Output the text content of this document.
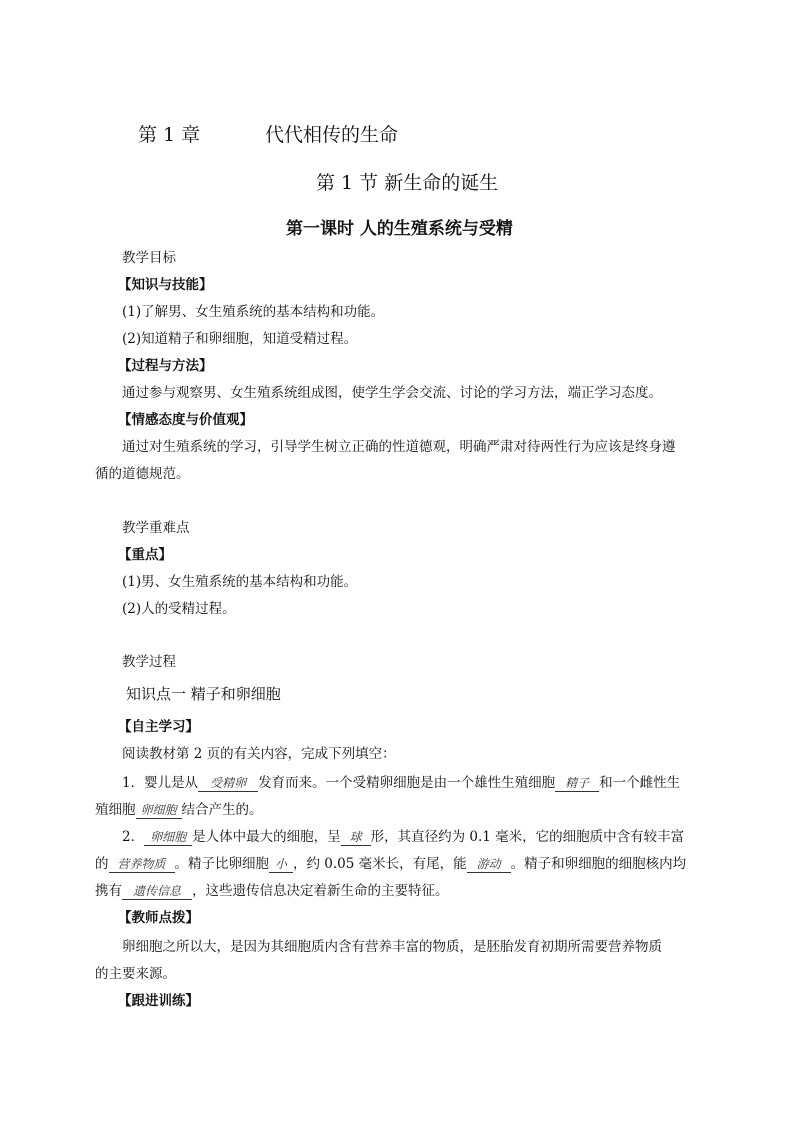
第 1 章	代代相传的生命
第 1 节 新生命的诞生
第一课时 人的生殖系统与受精
教学目标
【知识与技能】
(1)了解男、女生殖系统的基本结构和功能。
(2)知道精子和卵细胞，知道受精过程。
【过程与方法】
通过参与观察男、女生殖系统组成图，使学生学会交流、讨论的学习方法，端正学习态度。
【情感态度与价值观】
通过对生殖系统的学习，引导学生树立正确的性道德观，明确严肃对待两性行为应该是终身遵
循的道德规范。
教学重难点
【重点】
(1)男、女生殖系统的基本结构和功能。
(2)人的受精过程。
教学过程
知识点一 精子和卵细胞
【自主学习】
阅读教材第 2 页的有关内容，完成下列填空：
1．婴儿是从 受精卵 发育而来。一个受精卵细胞是由一个雄性生殖细胞 精子 和一个雌性生
殖细胞 卵细胞 结合产生的。
2． 卵细胞 是人体中最大的细胞，呈 球 形，其直径约为 0.1 毫米，它的细胞质中含有较丰富
的 营养物质 。精子比卵细胞 小 ，约 0.05 毫米长，有尾，能 游动 。精子和卵细胞的细胞核内均
携有 遗传信息 ，这些遗传信息决定着新生命的主要特征。
【教师点拨】
卵细胞之所以大，是因为其细胞质内含有营养丰富的物质，是胚胎发育初期所需要营养物质
的主要来源。
【跟进训练】
